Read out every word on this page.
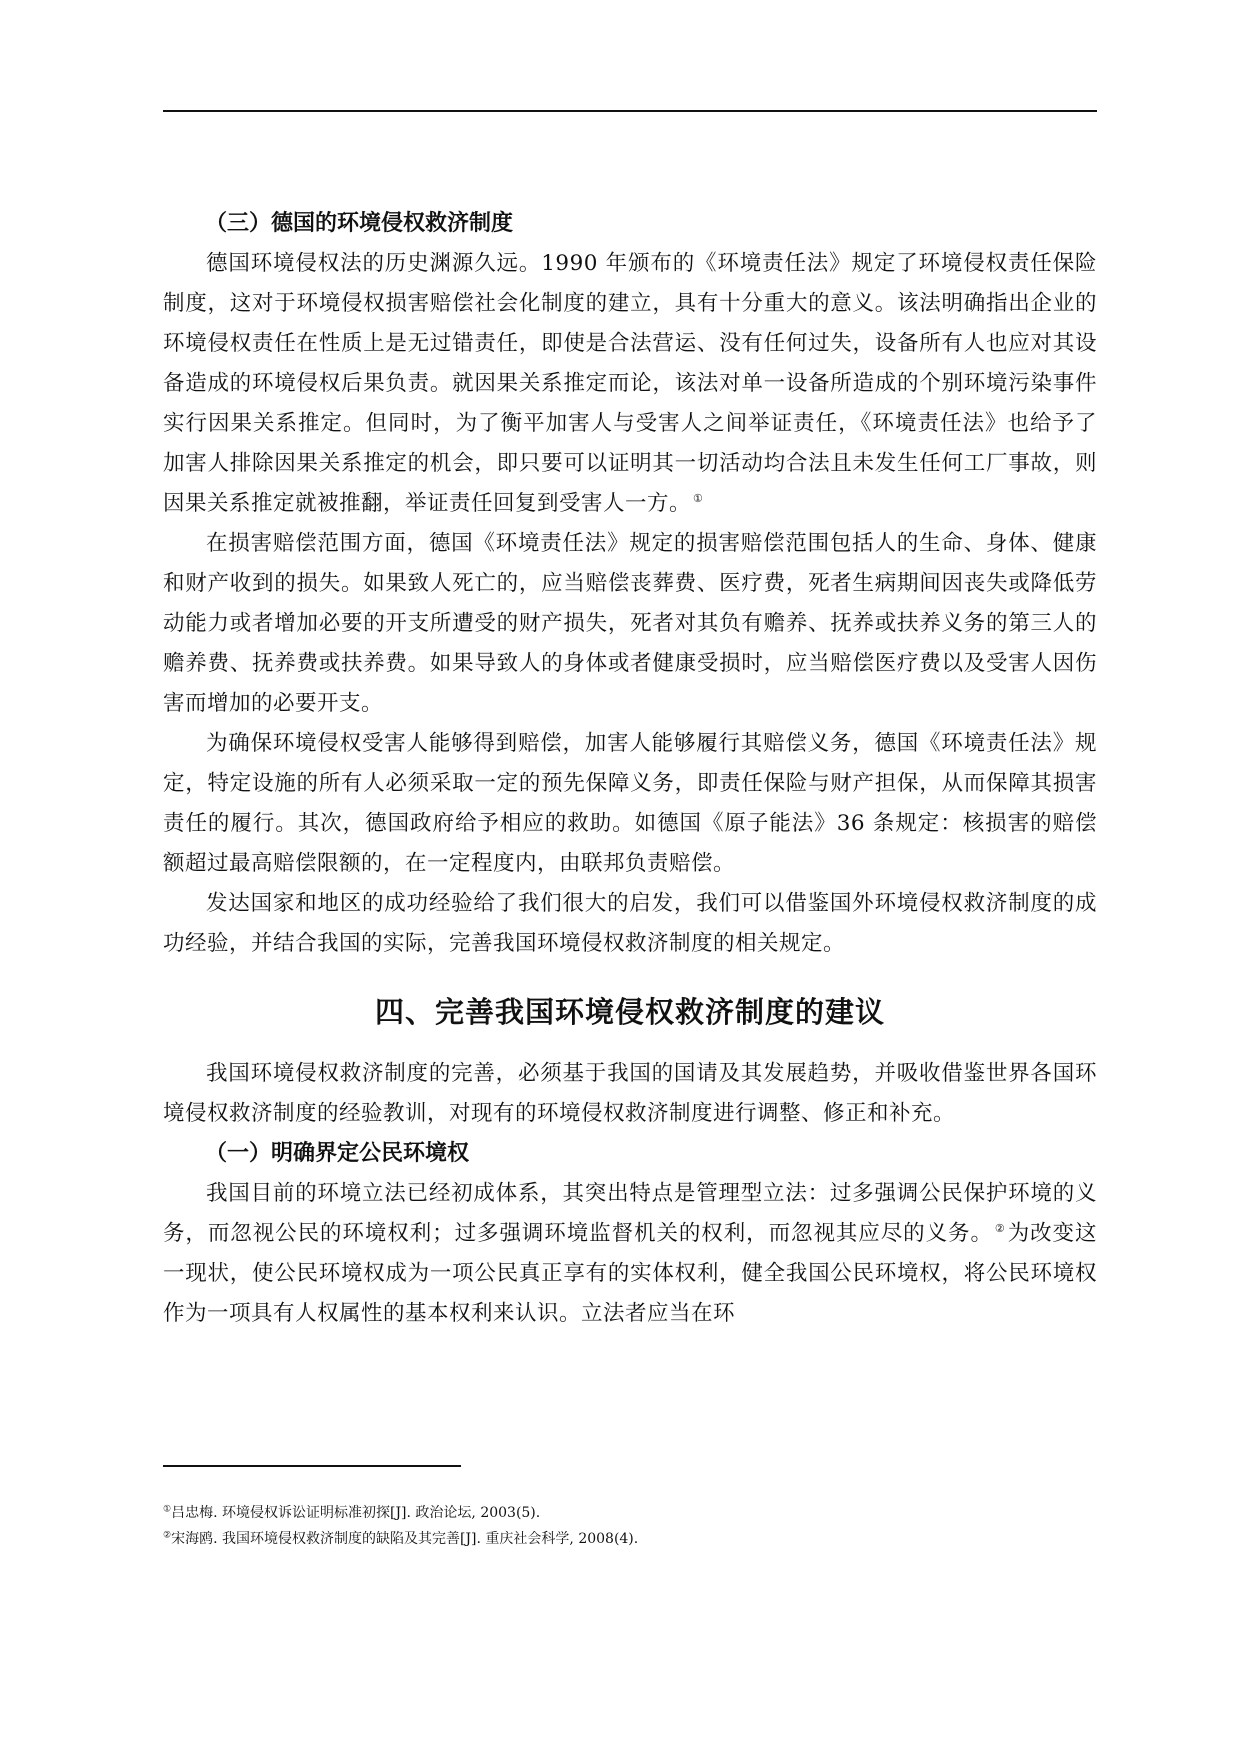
（三）德国的环境侵权救济制度

德国环境侵权法的历史渊源久远。1990 年颁布的《环境责任法》规定了环境侵权责任保险制度，这对于环境侵权损害赔偿社会化制度的建立，具有十分重大的意义。该法明确指出企业的环境侵权责任在性质上是无过错责任，即使是合法营运、没有任何过失，设备所有人也应对其设备造成的环境侵权后果负责。就因果关系推定而论，该法对单一设备所造成的个别环境污染事件实行因果关系推定。但同时，为了衡平加害人与受害人之间举证责任，《环境责任法》也给予了加害人排除因果关系推定的机会，即只要可以证明其一切活动均合法且未发生任何工厂事故，则因果关系推定就被推翻，举证责任回复到受害人一方。 ①

在损害赔偿范围方面，德国《环境责任法》规定的损害赔偿范围包括人的生命、身体、健康和财产收到的损失。如果致人死亡的，应当赔偿丧葬费、医疗费，死者生病期间因丧失或降低劳动能力或者增加必要的开支所遭受的财产损失，死者对其负有赡养、抚养或扶养义务的第三人的赡养费、抚养费或扶养费。如果导致人的身体或者健康受损时，应当赔偿医疗费以及受害人因伤害而增加的必要开支。

为确保环境侵权受害人能够得到赔偿，加害人能够履行其赔偿义务，德国《环境责任法》规定，特定设施的所有人必须采取一定的预先保障义务，即责任保险与财产担保，从而保障其损害责任的履行。其次，德国政府给予相应的救助。如德国《原子能法》36 条规定：核损害的赔偿额超过最高赔偿限额的，在一定程度内，由联邦负责赔偿。

发达国家和地区的成功经验给了我们很大的启发，我们可以借鉴国外环境侵权救济制度的成功经验，并结合我国的实际，完善我国环境侵权救济制度的相关规定。

四、完善我国环境侵权救济制度的建议

我国环境侵权救济制度的完善，必须基于我国的国请及其发展趋势，并吸收借鉴世界各国环境侵权救济制度的经验教训，对现有的环境侵权救济制度进行调整、修正和补充。

（一）明确界定公民环境权

我国目前的环境立法已经初成体系，其突出特点是管理型立法：过多强调公民保护环境的义务，而忽视公民的环境权利；过多强调环境监督机关的权利，而忽视其应尽的义务。 ②为改变这一现状，使公民环境权成为一项公民真正享有的实体权利，健全我国公民环境权，将公民环境权作为一项具有人权属性的基本权利来认识。立法者应当在环

①吕忠梅. 环境侵权诉讼证明标准初探[J]. 政治论坛, 2003(5).
②宋海鸥. 我国环境侵权救济制度的缺陷及其完善[J]. 重庆社会科学, 2008(4).
